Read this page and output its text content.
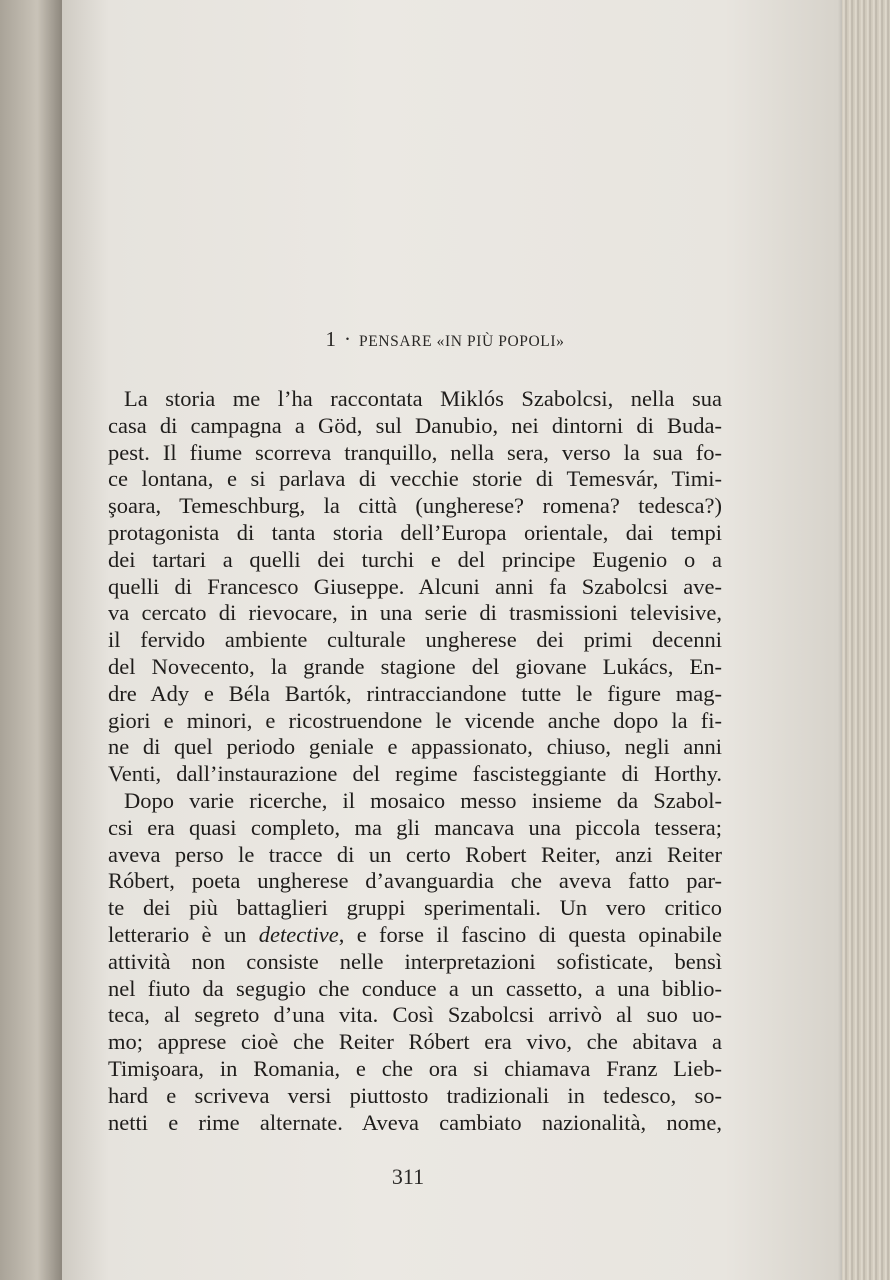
1 · PENSARE «IN PIÙ POPOLI»
La storia me l’ha raccontata Miklós Szabolcsi, nella sua
casa di campagna a Göd, sul Danubio, nei dintorni di Buda-
pest. Il fiume scorreva tranquillo, nella sera, verso la sua fo-
ce lontana, e si parlava di vecchie storie di Temesvár, Timi-
şoara, Temeschburg, la città (ungherese? romena? tedesca?)
protagonista di tanta storia dell’Europa orientale, dai tempi
dei tartari a quelli dei turchi e del principe Eugenio o a
quelli di Francesco Giuseppe. Alcuni anni fa Szabolcsi ave-
va cercato di rievocare, in una serie di trasmissioni televisive,
il fervido ambiente culturale ungherese dei primi decenni
del Novecento, la grande stagione del giovane Lukács, En-
dre Ady e Béla Bartók, rintracciandone tutte le figure mag-
giori e minori, e ricostruendone le vicende anche dopo la fi-
ne di quel periodo geniale e appassionato, chiuso, negli anni
Venti, dall’instaurazione del regime fascisteggiante di Horthy.
Dopo varie ricerche, il mosaico messo insieme da Szabol-
csi era quasi completo, ma gli mancava una piccola tessera;
aveva perso le tracce di un certo Robert Reiter, anzi Reiter
Róbert, poeta ungherese d’avanguardia che aveva fatto par-
te dei più battaglieri gruppi sperimentali. Un vero critico
letterario è un detective, e forse il fascino di questa opinabile
attività non consiste nelle interpretazioni sofisticate, bensì
nel fiuto da segugio che conduce a un cassetto, a una biblio-
teca, al segreto d’una vita. Così Szabolcsi arrivò al suo uo-
mo; apprese cioè che Reiter Róbert era vivo, che abitava a
Timişoara, in Romania, e che ora si chiamava Franz Lieb-
hard e scriveva versi piuttosto tradizionali in tedesco, so-
netti e rime alternate. Aveva cambiato nazionalità, nome,
311
